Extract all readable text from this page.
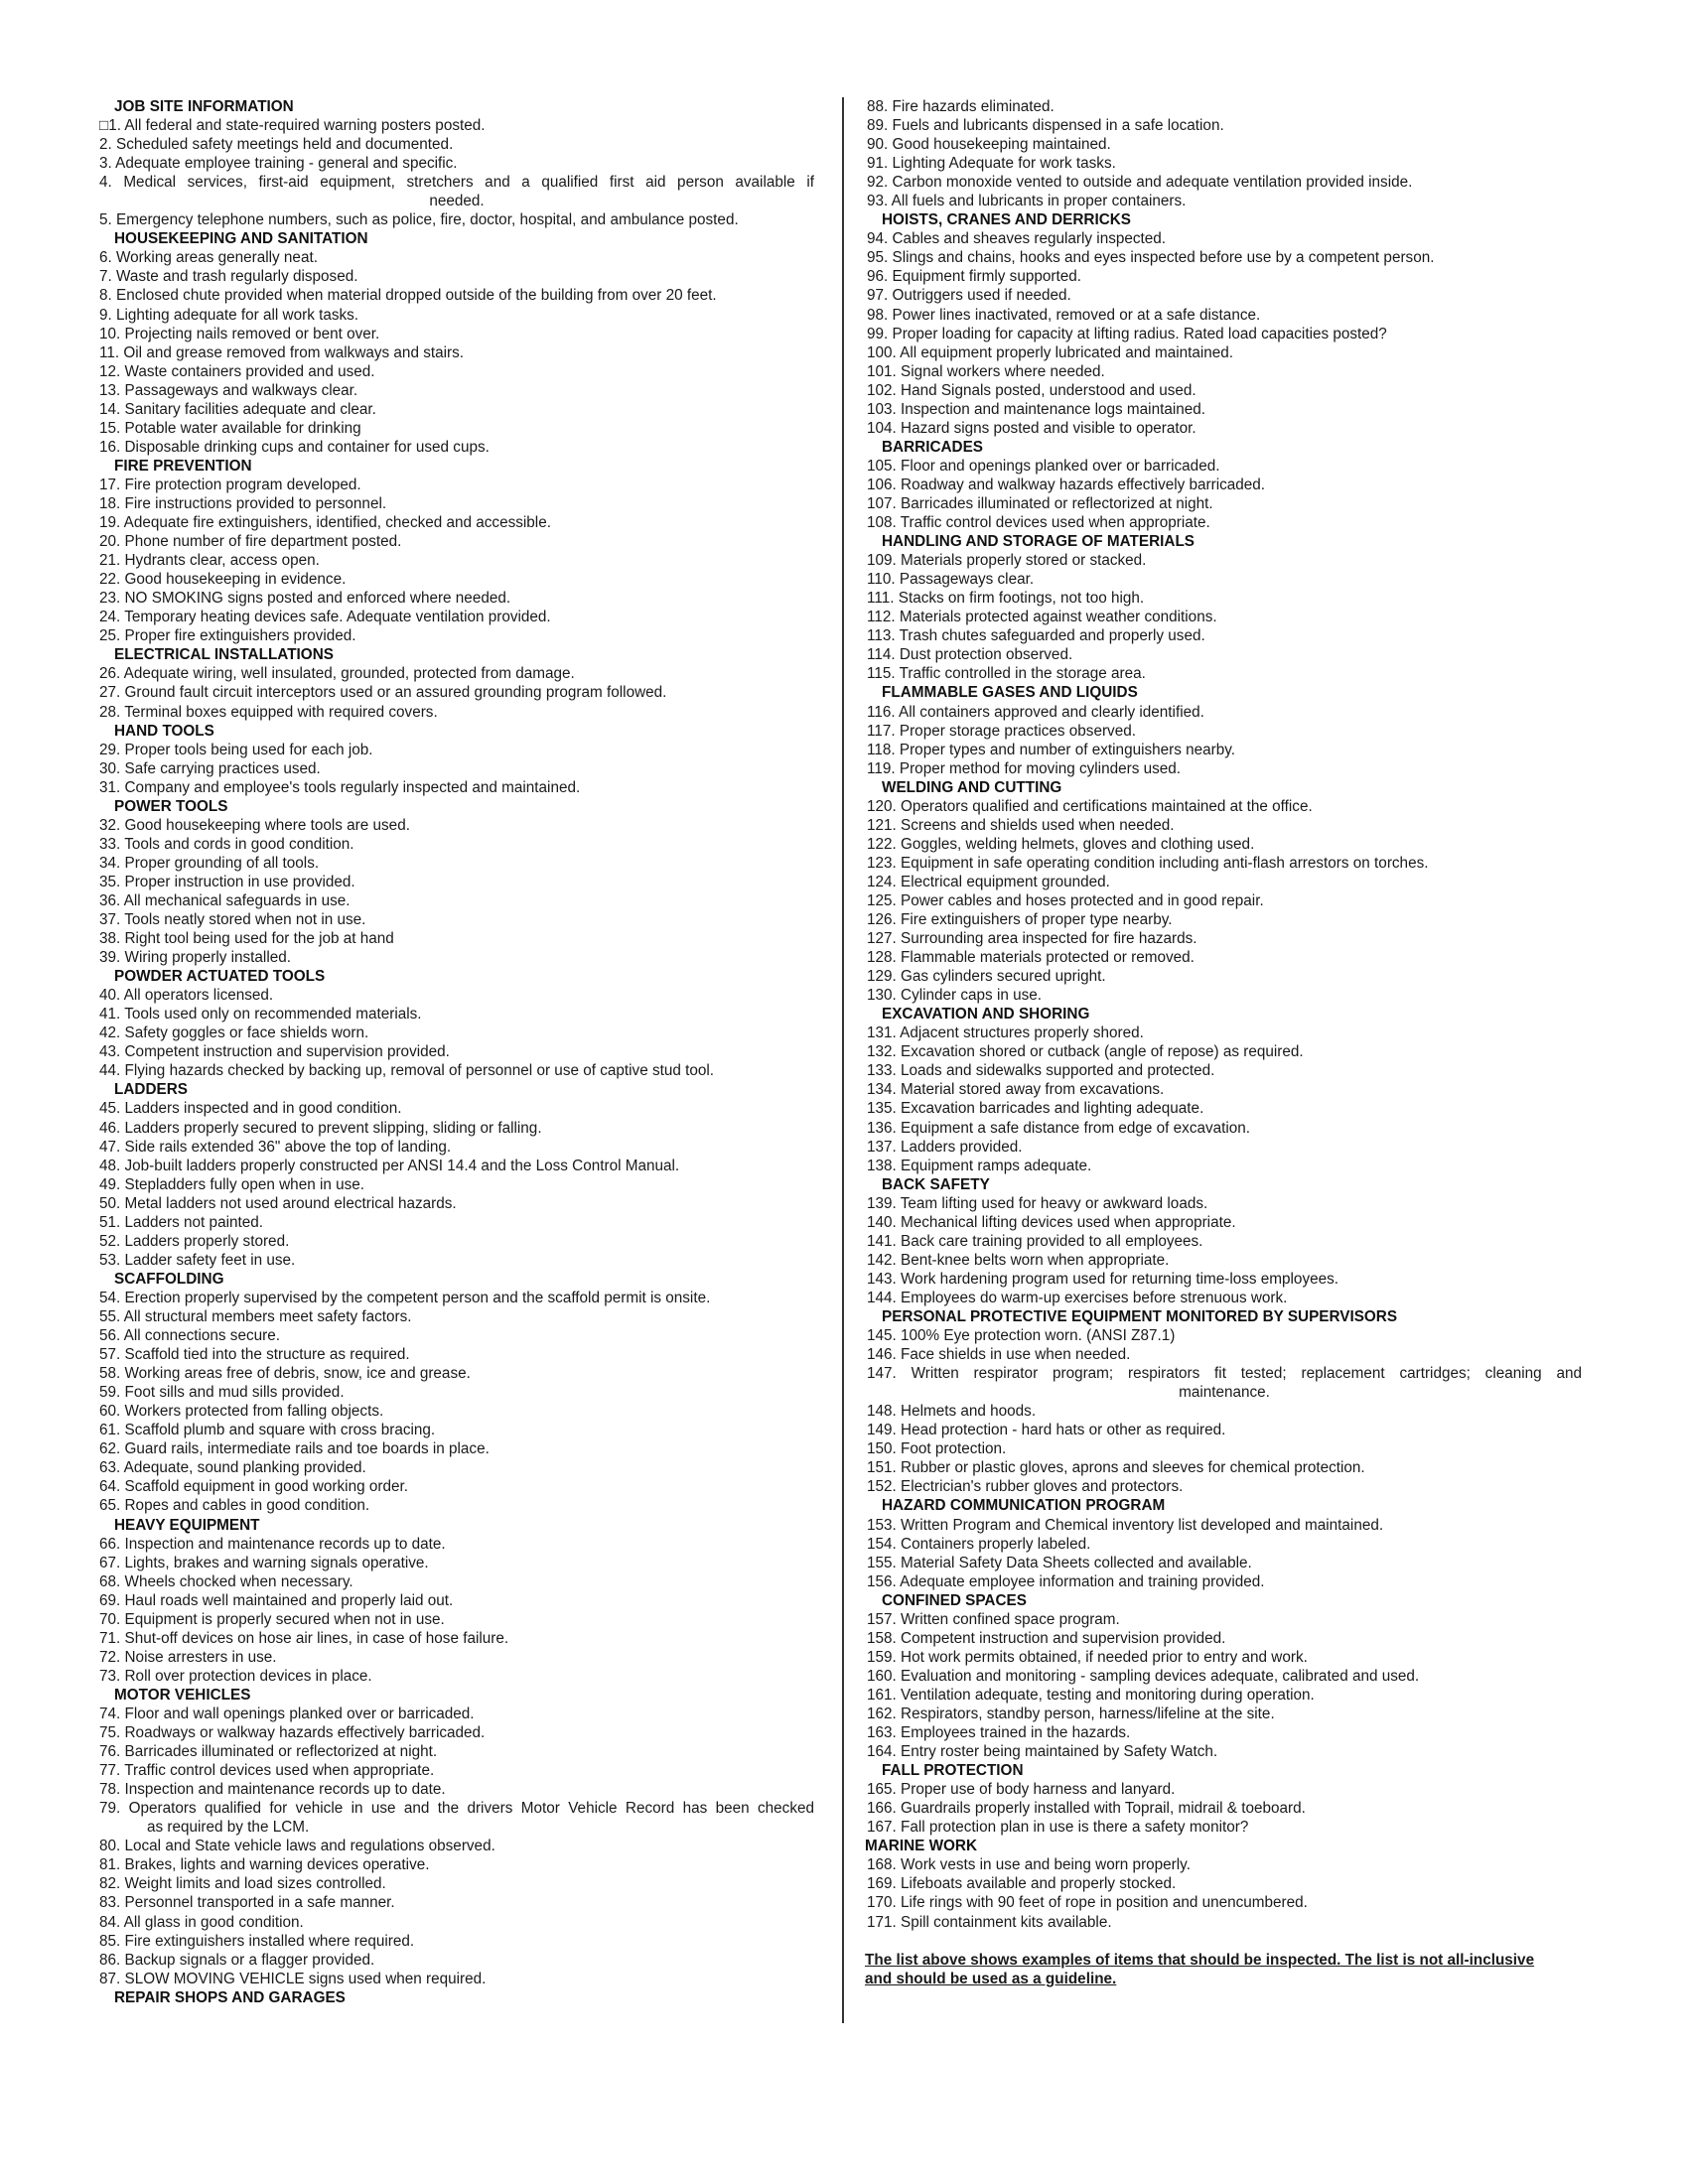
JOB SITE INFORMATION
□1. All federal and state-required warning posters posted.
2. Scheduled safety meetings held and documented.
3. Adequate employee training - general and specific.
4. Medical services, first-aid equipment, stretchers and a qualified first aid person available if
needed.
5. Emergency telephone numbers, such as police, fire, doctor, hospital, and ambulance posted.
HOUSEKEEPING AND SANITATION
6. Working areas generally neat.
7. Waste and trash regularly disposed.
8. Enclosed chute provided when material dropped outside of the building from over 20 feet.
9. Lighting adequate for all work tasks.
10. Projecting nails removed or bent over.
11. Oil and grease removed from walkways and stairs.
12. Waste containers provided and used.
13. Passageways and walkways clear.
14. Sanitary facilities adequate and clear.
15. Potable water available for drinking
16. Disposable drinking cups and container for used cups.
FIRE PREVENTION
17. Fire protection program developed.
18. Fire instructions provided to personnel.
19. Adequate fire extinguishers, identified, checked and accessible.
20. Phone number of fire department posted.
21. Hydrants clear, access open.
22. Good housekeeping in evidence.
23. NO SMOKING signs posted and enforced where needed.
24. Temporary heating devices safe. Adequate ventilation provided.
25. Proper fire extinguishers provided.
ELECTRICAL INSTALLATIONS
26. Adequate wiring, well insulated, grounded, protected from damage.
27. Ground fault circuit interceptors used or an assured grounding program followed.
28. Terminal boxes equipped with required covers.
HAND TOOLS
29. Proper tools being used for each job.
30. Safe carrying practices used.
31. Company and employee's tools regularly inspected and maintained.
POWER TOOLS
32. Good housekeeping where tools are used.
33. Tools and cords in good condition.
34. Proper grounding of all tools.
35. Proper instruction in use provided.
36. All mechanical safeguards in use.
37. Tools neatly stored when not in use.
38. Right tool being used for the job at hand
39. Wiring properly installed.
POWDER ACTUATED TOOLS
40. All operators licensed.
41. Tools used only on recommended materials.
42. Safety goggles or face shields worn.
43. Competent instruction and supervision provided.
44. Flying hazards checked by backing up, removal of personnel or use of captive stud tool.
LADDERS
45. Ladders inspected and in good condition.
46. Ladders properly secured to prevent slipping, sliding or falling.
47. Side rails extended 36" above the top of landing.
48. Job-built ladders properly constructed per ANSI 14.4 and the Loss Control Manual.
49. Stepladders fully open when in use.
50. Metal ladders not used around electrical hazards.
51. Ladders not painted.
52. Ladders properly stored.
53. Ladder safety feet in use.
SCAFFOLDING
54. Erection properly supervised by the competent person and the scaffold permit is onsite.
55. All structural members meet safety factors.
56. All connections secure.
57. Scaffold tied into the structure as required.
58. Working areas free of debris, snow, ice and grease.
59. Foot sills and mud sills provided.
60. Workers protected from falling objects.
61. Scaffold plumb and square with cross bracing.
62. Guard rails, intermediate rails and toe boards in place.
63. Adequate, sound planking provided.
64. Scaffold equipment in good working order.
65. Ropes and cables in good condition.
HEAVY EQUIPMENT
66. Inspection and maintenance records up to date.
67. Lights, brakes and warning signals operative.
68. Wheels chocked when necessary.
69. Haul roads well maintained and properly laid out.
70. Equipment is properly secured when not in use.
71. Shut-off devices on hose air lines, in case of hose failure.
72. Noise arresters in use.
73. Roll over protection devices in place.
MOTOR VEHICLES
74. Floor and wall openings planked over or barricaded.
75. Roadways or walkway hazards effectively barricaded.
76. Barricades illuminated or reflectorized at night.
77. Traffic control devices used when appropriate.
78. Inspection and maintenance records up to date.
79. Operators qualified for vehicle in use and the drivers Motor Vehicle Record has been checked
as required by the LCM.
80. Local and State vehicle laws and regulations observed.
81. Brakes, lights and warning devices operative.
82. Weight limits and load sizes controlled.
83. Personnel transported in a safe manner.
84. All glass in good condition.
85. Fire extinguishers installed where required.
86. Backup signals or a flagger provided.
87. SLOW MOVING VEHICLE signs used when required.
REPAIR SHOPS AND GARAGES
88. Fire hazards eliminated.
89. Fuels and lubricants dispensed in a safe location.
90. Good housekeeping maintained.
91. Lighting Adequate for work tasks.
92. Carbon monoxide vented to outside and adequate ventilation provided inside.
93. All fuels and lubricants in proper containers.
HOISTS, CRANES AND DERRICKS
94. Cables and sheaves regularly inspected.
95. Slings and chains, hooks and eyes inspected before use by a competent person.
96. Equipment firmly supported.
97. Outriggers used if needed.
98. Power lines inactivated, removed or at a safe distance.
99. Proper loading for capacity at lifting radius. Rated load capacities posted?
100. All equipment properly lubricated and maintained.
101. Signal workers where needed.
102. Hand Signals posted, understood and used.
103. Inspection and maintenance logs maintained.
104. Hazard signs posted and visible to operator.
BARRICADES
105. Floor and openings planked over or barricaded.
106. Roadway and walkway hazards effectively barricaded.
107. Barricades illuminated or reflectorized at night.
108. Traffic control devices used when appropriate.
HANDLING AND STORAGE OF MATERIALS
109. Materials properly stored or stacked.
110. Passageways clear.
111. Stacks on firm footings, not too high.
112. Materials protected against weather conditions.
113. Trash chutes safeguarded and properly used.
114. Dust protection observed.
115. Traffic controlled in the storage area.
FLAMMABLE GASES AND LIQUIDS
116. All containers approved and clearly identified.
117. Proper storage practices observed.
118. Proper types and number of extinguishers nearby.
119. Proper method for moving cylinders used.
WELDING AND CUTTING
120. Operators qualified and certifications maintained at the office.
121. Screens and shields used when needed.
122. Goggles, welding helmets, gloves and clothing used.
123. Equipment in safe operating condition including anti-flash arrestors on torches.
124. Electrical equipment grounded.
125. Power cables and hoses protected and in good repair.
126. Fire extinguishers of proper type nearby.
127. Surrounding area inspected for fire hazards.
128. Flammable materials protected or removed.
129. Gas cylinders secured upright.
130. Cylinder caps in use.
EXCAVATION AND SHORING
131. Adjacent structures properly shored.
132. Excavation shored or cutback (angle of repose) as required.
133. Loads and sidewalks supported and protected.
134. Material stored away from excavations.
135. Excavation barricades and lighting adequate.
136. Equipment a safe distance from edge of excavation.
137. Ladders provided.
138. Equipment ramps adequate.
BACK SAFETY
139. Team lifting used for heavy or awkward loads.
140. Mechanical lifting devices used when appropriate.
141. Back care training provided to all employees.
142. Bent-knee belts worn when appropriate.
143. Work hardening program used for returning time-loss employees.
144. Employees do warm-up exercises before strenuous work.
PERSONAL PROTECTIVE EQUIPMENT MONITORED BY SUPERVISORS
145. 100% Eye protection worn. (ANSI Z87.1)
146. Face shields in use when needed.
147. Written respirator program; respirators fit tested; replacement cartridges; cleaning and
maintenance.
148. Helmets and hoods.
149. Head protection - hard hats or other as required.
150. Foot protection.
151. Rubber or plastic gloves, aprons and sleeves for chemical protection.
152. Electrician's rubber gloves and protectors.
HAZARD COMMUNICATION PROGRAM
153. Written Program and Chemical inventory list developed and maintained.
154. Containers properly labeled.
155. Material Safety Data Sheets collected and available.
156. Adequate employee information and training provided.
CONFINED SPACES
157. Written confined space program.
158. Competent instruction and supervision provided.
159. Hot work permits obtained, if needed prior to entry and work.
160. Evaluation and monitoring - sampling devices adequate, calibrated and used.
161. Ventilation adequate, testing and monitoring during operation.
162. Respirators, standby person, harness/lifeline at the site.
163. Employees trained in the hazards.
164. Entry roster being maintained by Safety Watch.
FALL PROTECTION
165. Proper use of body harness and lanyard.
166. Guardrails properly installed with Toprail, midrail & toeboard.
167. Fall protection plan in use is there a safety monitor?
MARINE WORK
168. Work vests in use and being worn properly.
169. Lifeboats available and properly stocked.
170. Life rings with 90 feet of rope in position and unencumbered.
171. Spill containment kits available.
The list above shows examples of items that should be inspected. The list is not all-inclusive and should be used as a guideline.
